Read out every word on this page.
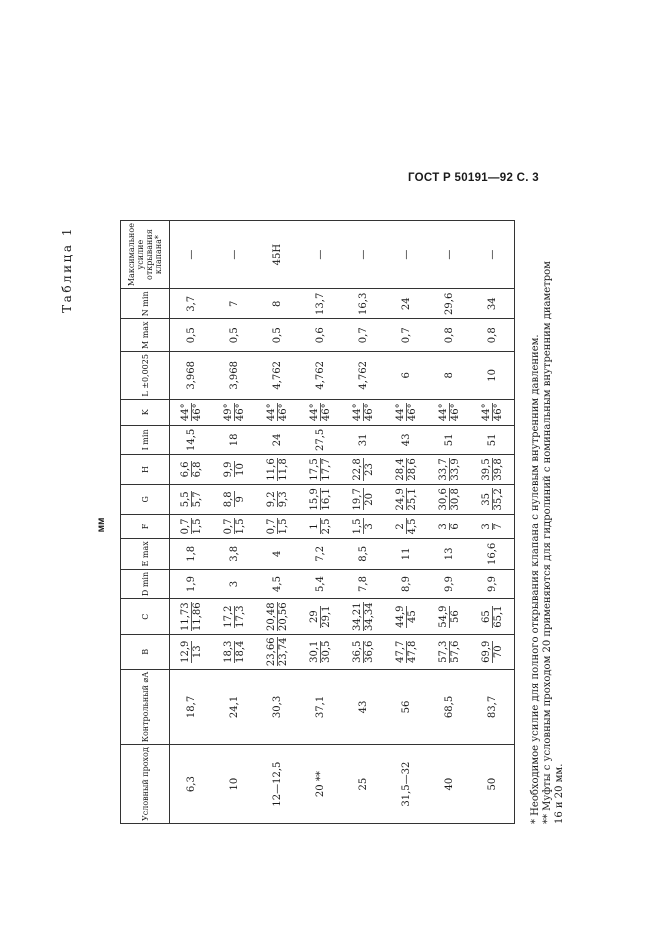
ГОСТ Р 50191—92 С. 3
Таблица 1
мм
Условный проход	Контрольный ⌀А	B	C	D min	E max	F	G	H	I min	K	L ±0,0025	M max	N min	Максимальное усилие открывания клапана*
6,3	18,7	12,9 13	11,73 11,86	1,9	1,8	0,7 1,5	5,5 5,7	6,6 6,8	14,5	44° 46°	3,968	0,5	3,7	—
10	24,1	18,3 18,4	17,2 17,3	3	3,8	0,7 1,5	8,8 9	9,9 10	18	49° 46°	3,968	0,5	7	—
12—12,5	30,3	23,66 23,74	20,48 20,56	4,5	4	0,7 1,5	9,2 9,3	11,6 11,8	24	44° 46°	4,762	0,5	8	45Н
20 **	37,1	30,1 30,5	29 29,1	5,4	7,2	1 2,5	15,9 16,1	17,5 17,7	27,5	44° 46°	4,762	0,6	13,7	—
25	43	36,5 36,6	34,21 34,34	7,8	8,5	1,5 3	19,7 20	22,8 23	31	44° 46°	4,762	0,7	16,3	—
31,5—32	56	47,7 47,8	44,9 45	8,9	11	2 4,5	24,9 25,1	28,4 28,6	43	44° 46°	6	0,7	24	—
40	68,5	57,3 57,6	54,9 56	9,9	13	3 6	30,6 30,8	33,7 33,9	51	44° 46°	8	0,8	29,6	—
50	83,7	69,9 70	65 65,1	9,9	16,6	3 7	35 35,2	39,5 39,8	51	44° 46°	10	0,8	34	—
* Необходимое усилие для полного открывания клапана с нулевым внутренним давлением. ** Муфты с условным проходом 20 применяются для гидролиний с номинальным внутренним диаметром 16 и 20 мм.
